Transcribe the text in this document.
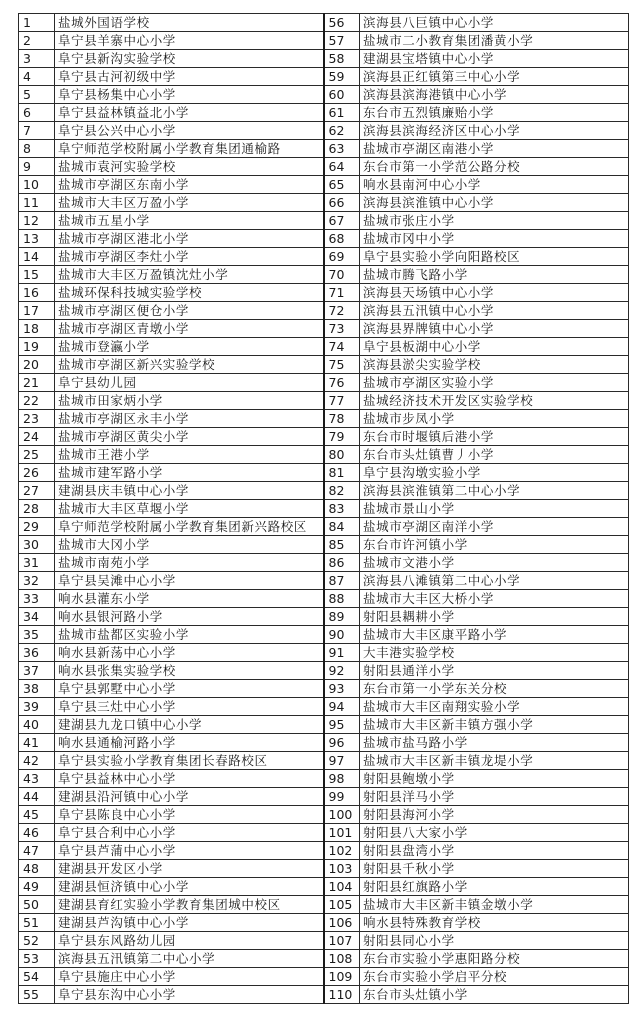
1	盐城外国语学校	56	滨海县八巨镇中心小学
2	阜宁县羊寨中心小学	57	盐城市二小教育集团潘黄小学
3	阜宁县新沟实验学校	58	建湖县宝塔镇中心小学
4	阜宁县古河初级中学	59	滨海县正红镇第三中心小学
5	阜宁县杨集中心小学	60	滨海县滨海港镇中心小学
6	阜宁县益林镇益北小学	61	东台市五烈镇廉贻小学
7	阜宁县公兴中心小学	62	滨海县滨海经济区中心小学
8	阜宁师范学校附属小学教育集团通榆路	63	盐城市亭湖区南港小学
9	盐城市袁河实验学校	64	东台市第一小学范公路分校
10	盐城市亭湖区东南小学	65	响水县南河中心小学
11	盐城市大丰区万盈小学	66	滨海县滨淮镇中心小学
12	盐城市五星小学	67	盐城市张庄小学
13	盐城市亭湖区港北小学	68	盐城市冈中小学
14	盐城市亭湖区李灶小学	69	阜宁县实验小学向阳路校区
15	盐城市大丰区万盈镇沈灶小学	70	盐城市腾飞路小学
16	盐城环保科技城实验学校	71	滨海县天场镇中心小学
17	盐城市亭湖区便仓小学	72	滨海县五汛镇中心小学
18	盐城市亭湖区青墩小学	73	滨海县界牌镇中心小学
19	盐城市登瀛小学	74	阜宁县板湖中心小学
20	盐城市亭湖区新兴实验学校	75	滨海县淤尖实验学校
21	阜宁县幼儿园	76	盐城市亭湖区实验小学
22	盐城市田家炳小学	77	盐城经济技术开发区实验学校
23	盐城市亭湖区永丰小学	78	盐城市步凤小学
24	盐城市亭湖区黄尖小学	79	东台市时堰镇后港小学
25	盐城市王港小学	80	东台市头灶镇曹丿小学
26	盐城市建军路小学	81	阜宁县沟墩实验小学
27	建湖县庆丰镇中心小学	82	滨海县滨淮镇第二中心小学
28	盐城市大丰区草堰小学	83	盐城市景山小学
29	阜宁师范学校附属小学教育集团新兴路校区	84	盐城市亭湖区南洋小学
30	盐城市大冈小学	85	东台市许河镇小学
31	盐城市南苑小学	86	盐城市文港小学
32	阜宁县吴滩中心小学	87	滨海县八滩镇第二中心小学
33	响水县灌东小学	88	盐城市大丰区大桥小学
34	响水县银河路小学	89	射阳县耦耕小学
35	盐城市盐都区实验小学	90	盐城市大丰区康平路小学
36	响水县新荡中心小学	91	大丰港实验学校
37	响水县张集实验学校	92	射阳县通洋小学
38	阜宁县郭墅中心小学	93	东台市第一小学东关分校
39	阜宁县三灶中心小学	94	盐城市大丰区南翔实验小学
40	建湖县九龙口镇中心小学	95	盐城市大丰区新丰镇方强小学
41	响水县通榆河路小学	96	盐城市盐马路小学
42	阜宁县实验小学教育集团长春路校区	97	盐城市大丰区新丰镇龙堤小学
43	阜宁县益林中心小学	98	射阳县鲍墩小学
44	建湖县沿河镇中心小学	99	射阳县洋马小学
45	阜宁县陈良中心小学	100	射阳县海河小学
46	阜宁县合利中心小学	101	射阳县八大家小学
47	阜宁县芦蒲中心小学	102	射阳县盘湾小学
48	建湖县开发区小学	103	射阳县千秋小学
49	建湖县恒济镇中心小学	104	射阳县红旗路小学
50	建湖县育红实验小学教育集团城中校区	105	盐城市大丰区新丰镇金墩小学
51	建湖县芦沟镇中心小学	106	响水县特殊教育学校
52	阜宁县东风路幼儿园	107	射阳县同心小学
53	滨海县五汛镇第二中心小学	108	东台市实验小学惠阳路分校
54	阜宁县施庄中心小学	109	东台市实验小学启平分校
55	阜宁县东沟中心小学	110	东台市头灶镇小学
